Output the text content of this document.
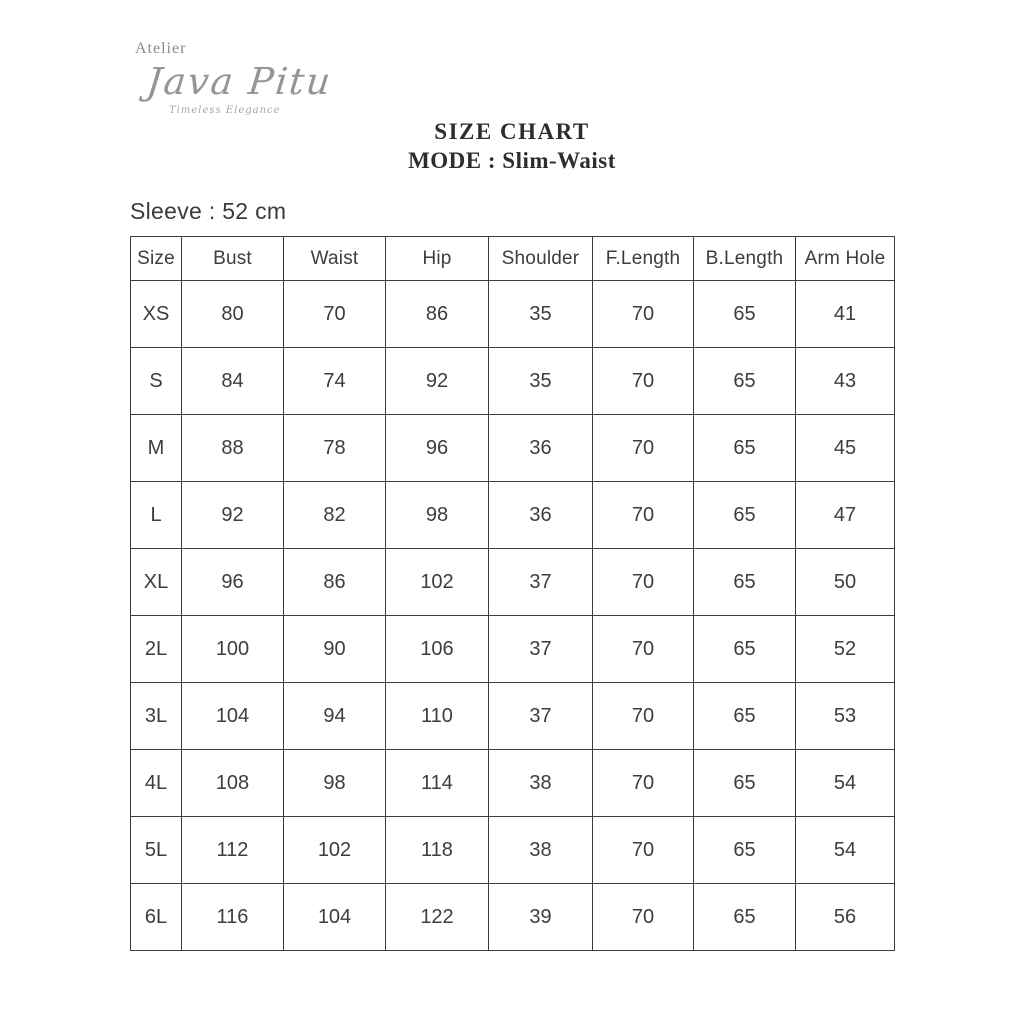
Atelier
Java Pitu
Timeless Elegance
SIZE CHART
MODE : Slim-Waist
Sleeve : 52 cm
Size	Bust	Waist	Hip	Shoulder	F.Length	B.Length	Arm Hole
XS	80	70	86	35	70	65	41
S	84	74	92	35	70	65	43
M	88	78	96	36	70	65	45
L	92	82	98	36	70	65	47
XL	96	86	102	37	70	65	50
2L	100	90	106	37	70	65	52
3L	104	94	110	37	70	65	53
4L	108	98	114	38	70	65	54
5L	112	102	118	38	70	65	54
6L	116	104	122	39	70	65	56
